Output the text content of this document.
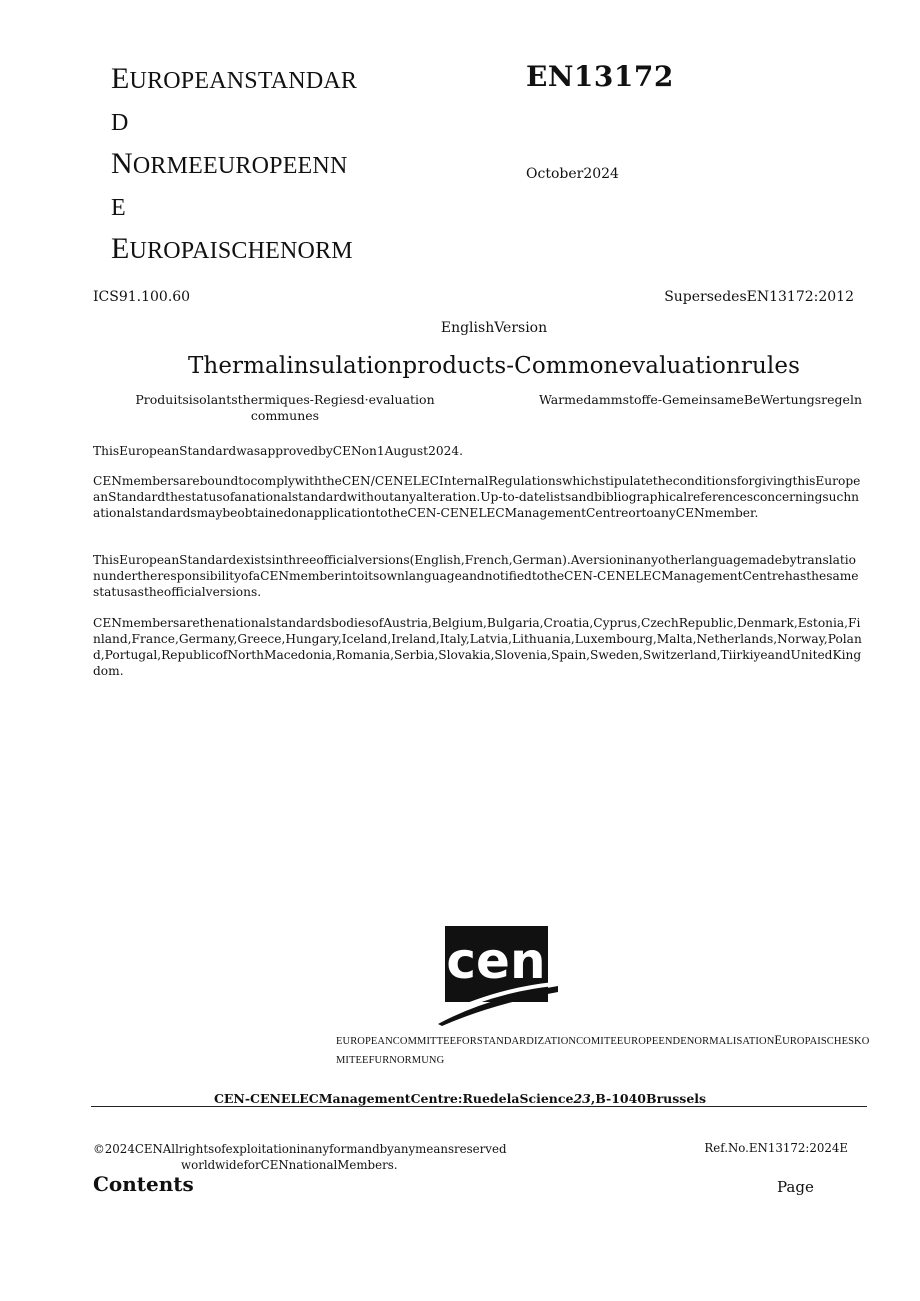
EUROPEANSTANDAR
D
NORMEEUROPEENN
E
EUROPAISCHENORM
EN13172
October2024
ICS91.100.60	SupersedesEN13172:2012
EnglishVersion
Thermalinsulationproducts-Commonevaluationrules
Produitsisolantsthermiques-Regiesd·evaluation communes
Warmedammstoffe-GemeinsameBeWertungsregeln
ThisEuropeanStandardwasapprovedbyCENon1August2024.
CENmembersareboundtocomplywiththeCEN/CENELECInternalRegulationswhichstipulatetheconditionsforgivingthisEuropeanStandardthestatusofanationalstandardwithoutanyalteration.Up-to-datelistsandbibliographicalreferencesconcerningsuchnationalstandardsmaybeobtainedonapplicationtotheCEN-CENELECManagementCentreortoanyCENmember.
ThisEuropeanStandardexistsinthreeofficialversions(English,French,German).AversioninanyotherlanguagemadebytranslationundertheresponsibilityofaCENmemberintoitsownlanguageandnotifiedtotheCEN-CENELECManagementCentrehasthesamestatusastheofficialversions.
CENmembersarethenationalstandardsbodiesofAustria,Belgium,Bulgaria,Croatia,Cyprus,CzechRepublic,Denmark,Estonia,Finland,France,Germany,Greece,Hungary,Iceland,Ireland,Italy,Latvia,Lithuania,Luxembourg,Malta,Netherlands,Norway,Poland,Portugal,RepublicofNorthMacedonia,Romania,Serbia,Slovakia,Slovenia,Spain,Sweden,Switzerland,TiirkiyeandUnitedKingdom.
cen
EUROPEANCOMMITTEEFORSTANDARDIZATIONCOMITEEUROPEENDENORMALISATIONEUROPAISCHESKOMITEEFURNORMUNG
CEN-CENELECManagementCentre:RuedelaScience23,B-1040Brussels
©2024CENAllrightsofexploitationinanyformandbyanymeansreserved
worldwideforCENnationalMembers.
Ref.No.EN13172:2024E
Contents	Page
